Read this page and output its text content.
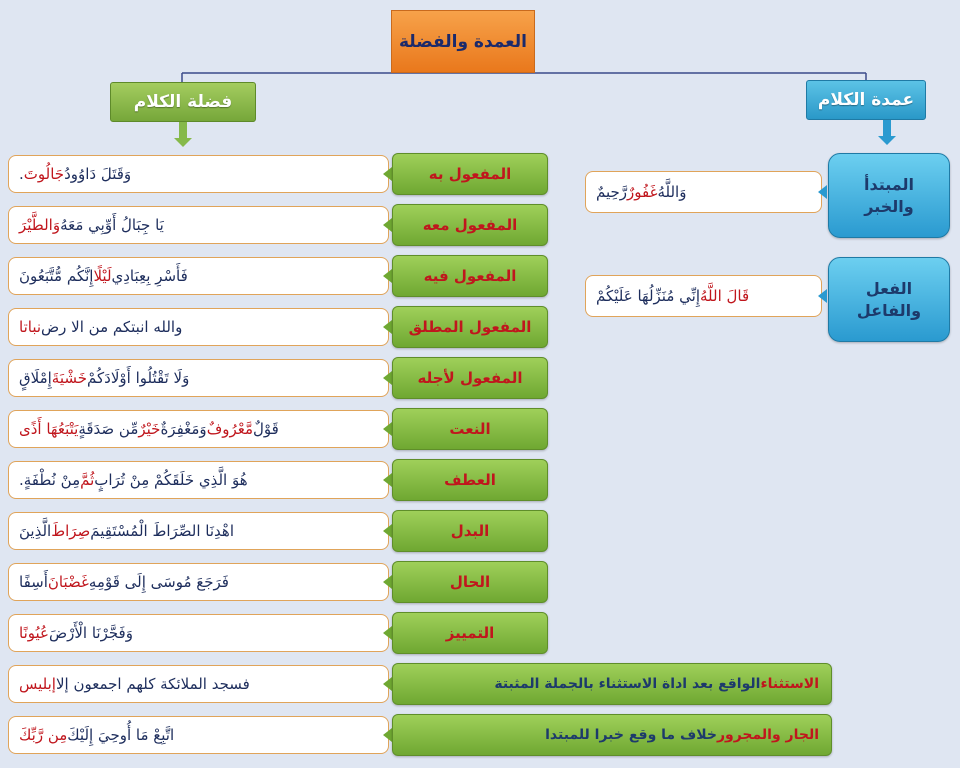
العمدة والفضلة
فضلة الكلام	عمدة الكلام
وَقَتَلَ دَاوُودُ
جَالُوتَ
.	المفعول به
يَا جِبَالُ أَوِّبِي مَعَهُ
وَالطَّيْرَ	المفعول معه
فَأَسْرِ بِعِبَادِي
لَيْلًا
إِنَّكُم مُّتَّبَعُونَ	المفعول فيه
والله انبتكم من الا رض
نباتا	المفعول المطلق
وَلَا تَقْتُلُوا أَوْلَادَكُمْ
خَشْيَةَ
إِمْلَاقٍ	المفعول لأجله
قَوْلٌ
مَّعْرُوفٌ
وَمَغْفِرَةٌ
خَيْرٌ
مِّن صَدَقَةٍ
يَتْبَعُهَا أَذًى	النعت
هُوَ الَّذِي خَلَقَكُمْ مِنْ تُرَابٍ
ثُمَّ
مِنْ نُطْفَةٍ.	العطف
اهْدِنَا الصِّرَاطَ الْمُسْتَقِيمَ
صِرَاطَ
الَّذِينَ	البدل
فَرَجَعَ مُوسَى إِلَى قَوْمِهِ
غَضْبَانَ
أَسِفًا	الحال
وَفَجَّرْنَا الْأَرْضَ
عُيُونًا	التمييز
فسجد الملائكة كلهم اجمعون إلا
إبليس	الاستثناء
الواقع بعد اداة الاستثناء بالجملة المثبتة
اتَّبِعْ مَا أُوحِيَ إِلَيْكَ
مِن رَّبِّكَ	الجار والمجرور
خلاف ما وقع خبرا للمبتدا
المبتدأ
والخبر
وَاللَّهُ
غَفُورٌ
رَّحِيمٌ
الفعل
والفاعل
قَالَ اللَّهُ
إِنِّي مُنَزِّلُهَا عَلَيْكُمْ
